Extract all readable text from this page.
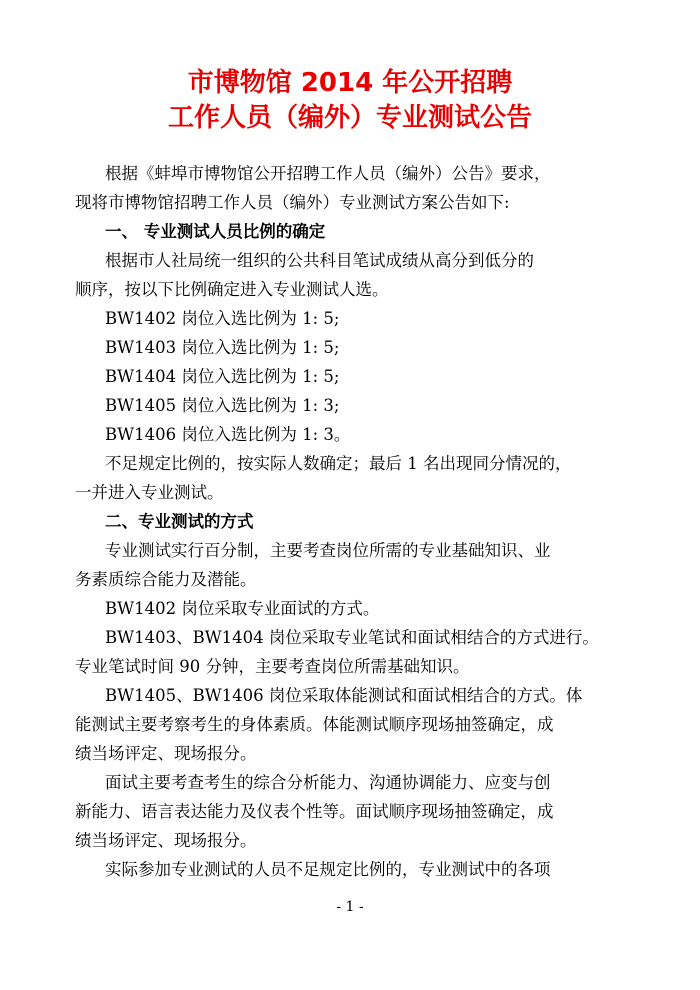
市博物馆 2014 年公开招聘
工作人员（编外）专业测试公告
根据《蚌埠市博物馆公开招聘工作人员（编外）公告》要求，
现将市博物馆招聘工作人员（编外）专业测试方案公告如下:
一、 专业测试人员比例的确定
根据市人社局统一组织的公共科目笔试成绩从高分到低分的
顺序，按以下比例确定进入专业测试人选。
BW1402 岗位入选比例为 1: 5;
BW1403 岗位入选比例为 1: 5;
BW1404 岗位入选比例为 1: 5;
BW1405 岗位入选比例为 1: 3;
BW1406 岗位入选比例为 1: 3。
不足规定比例的，按实际人数确定；最后 1 名出现同分情况的，
一并进入专业测试。
二、专业测试的方式
专业测试实行百分制，主要考查岗位所需的专业基础知识、业
务素质综合能力及潜能。
BW1402 岗位采取专业面试的方式。
BW1403、BW1404 岗位采取专业笔试和面试相结合的方式进行。
专业笔试时间 90 分钟，主要考查岗位所需基础知识。
BW1405、BW1406 岗位采取体能测试和面试相结合的方式。体
能测试主要考察考生的身体素质。体能测试顺序现场抽签确定，成
绩当场评定、现场报分。
面试主要考查考生的综合分析能力、沟通协调能力、应变与创
新能力、语言表达能力及仪表个性等。面试顺序现场抽签确定，成
绩当场评定、现场报分。
实际参加专业测试的人员不足规定比例的，专业测试中的各项
- 1 -
